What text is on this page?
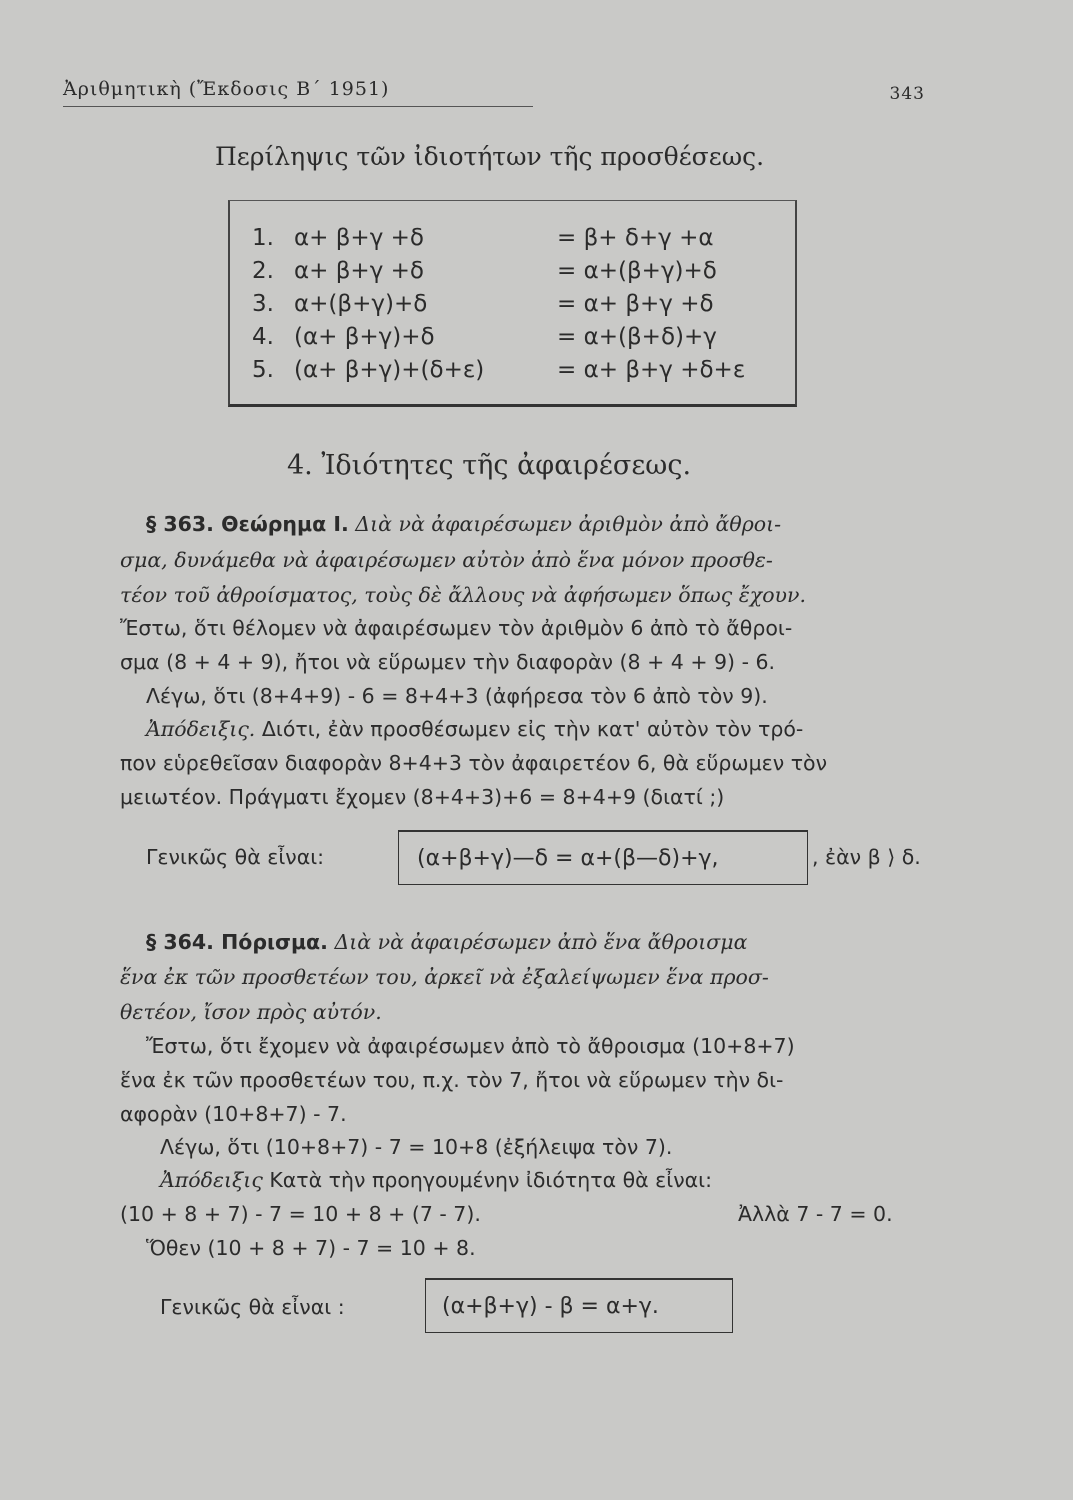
Ἀριθμητικὴ (Ἔκδοσις Β΄ 1951)	343
Περίληψις τῶν ἰδιοτήτων τῆς προσθέσεως.
1. α+ β+γ +δ	= β+ δ+γ +α
2. α+ β+γ +δ	= α+(β+γ)+δ
3. α+(β+γ)+δ	= α+ β+γ +δ
4. (α+ β+γ)+δ	= α+(β+δ)+γ
5. (α+ β+γ)+(δ+ε)	= α+ β+γ +δ+ε
4. Ἰδιότητες τῆς ἀφαιρέσεως.
§ 363. Θεώρημα Ι. Διὰ νὰ ἀφαιρέσωμεν ἀριθμὸν ἀπὸ ἄθροι-
σμα, δυνάμεθα νὰ ἀφαιρέσωμεν αὐτὸν ἀπὸ ἕνα μόνον προσθε-
τέον τοῦ ἀθροίσματος, τοὺς δὲ ἄλλους νὰ ἀφήσωμεν ὅπως ἔχουν.
Ἔστω, ὅτι θέλομεν νὰ ἀφαιρέσωμεν τὸν ἀριθμὸν 6 ἀπὸ τὸ ἄθροι-
σμα (8 + 4 + 9), ἤτοι νὰ εὕρωμεν τὴν διαφορὰν (8 + 4 + 9) - 6.
Λέγω, ὅτι (8+4+9) - 6 = 8+4+3 (ἀφήρεσα τὸν 6 ἀπὸ τὸν 9).
Ἀπόδειξις. Διότι, ἐὰν προσθέσωμεν εἰς τὴν κατ' αὐτὸν τὸν τρό-
πον εὑρεθεῖσαν διαφορὰν 8+4+3 τὸν ἀφαιρετέον 6, θὰ εὕρωμεν τὸν
μειωτέον. Πράγματι ἔχομεν (8+4+3)+6 = 8+4+9 (διατί ;)
Γενικῶς θὰ εἶναι:	(α+β+γ)—δ = α+(β—δ)+γ,	, ἐὰν β ⟩ δ.
§ 364. Πόρισμα. Διὰ νὰ ἀφαιρέσωμεν ἀπὸ ἕνα ἄθροισμα
ἕνα ἐκ τῶν προσθετέων του, ἀρκεῖ νὰ ἐξαλείψωμεν ἕνα προσ-
θετέον, ἴσον πρὸς αὐτόν.
Ἔστω, ὅτι ἔχομεν νὰ ἀφαιρέσωμεν ἀπὸ τὸ ἄθροισμα (10+8+7)
ἕνα ἐκ τῶν προσθετέων του, π.χ. τὸν 7, ἤτοι νὰ εὕρωμεν τὴν δι-
αφορὰν (10+8+7) - 7.
Λέγω, ὅτι (10+8+7) - 7 = 10+8 (ἐξήλειψα τὸν 7).
Ἀπόδειξις Κατὰ τὴν προηγουμένην ἰδιότητα θὰ εἶναι:
(10 + 8 + 7) - 7 = 10 + 8 + (7 - 7).	Ἀλλὰ 7 - 7 = 0.
Ὅθεν (10 + 8 + 7) - 7 = 10 + 8.
Γενικῶς θὰ εἶναι :	(α+β+γ) - β = α+γ.
